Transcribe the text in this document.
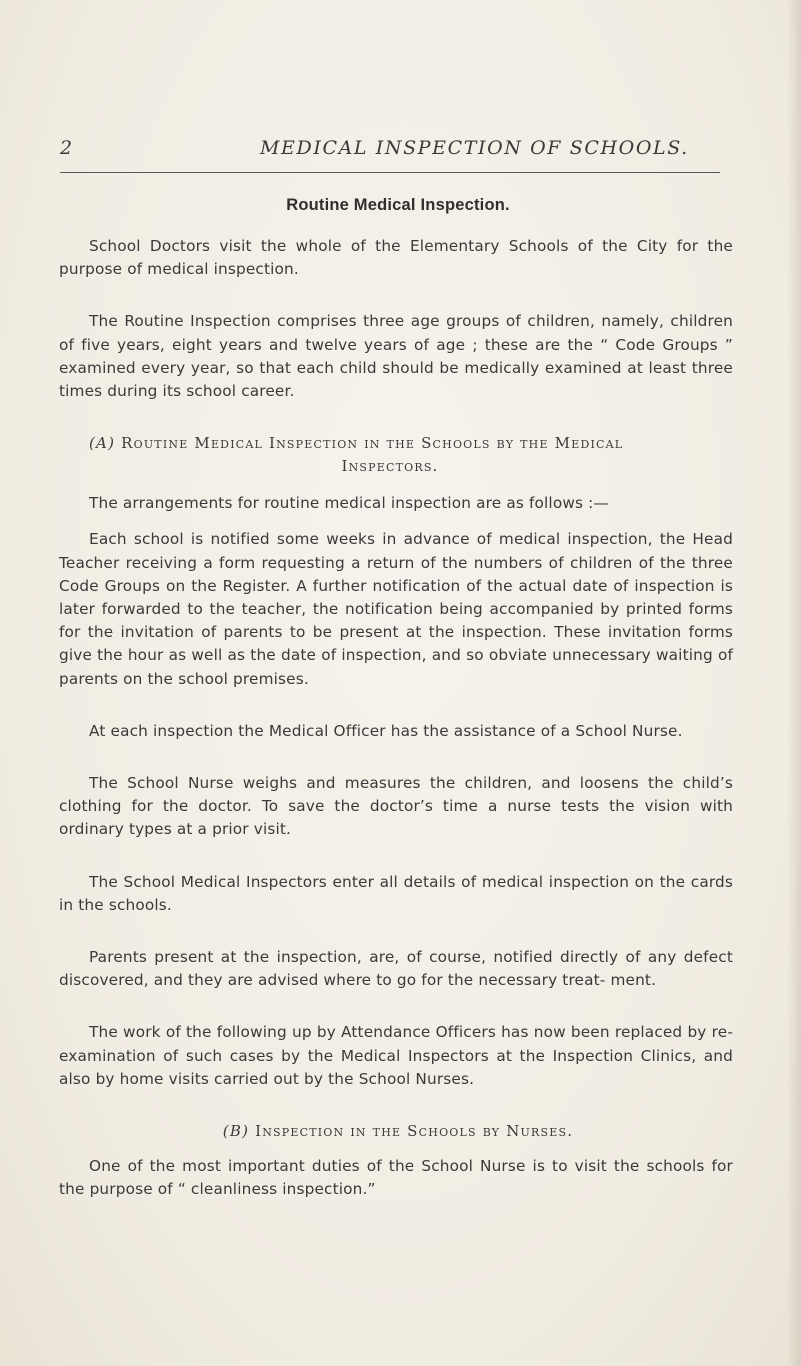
2	MEDICAL INSPECTION OF SCHOOLS.
Routine Medical Inspection.

School Doctors visit the whole of the Elementary Schools of the City for the purpose of medical inspection.

The Routine Inspection comprises three age groups of children, namely, children of five years, eight years and twelve years of age ; these are the “ Code Groups ” examined every year, so that each child should be medically examined at least three times during its school career.

(A) Routine Medical Inspection in the Schools by the Medical
Inspectors.

The arrangements for routine medical inspection are as follows :—

Each school is notified some weeks in advance of medical inspection, the Head Teacher receiving a form requesting a return of the numbers of children of the three Code Groups on the Register. A further notification of the actual date of inspection is later forwarded to the teacher, the notification being accompanied by printed forms for the invitation of parents to be present at the inspection. These invitation forms give the hour as well as the date of inspection, and so obviate unnecessary waiting of parents on the school premises.

At each inspection the Medical Officer has the assistance of a School Nurse.

The School Nurse weighs and measures the children, and loosens the child’s clothing for the doctor. To save the doctor’s time a nurse tests the vision with ordinary types at a prior visit.

The School Medical Inspectors enter all details of medical inspection on the cards in the schools.

Parents present at the inspection, are, of course, notified directly of any defect discovered, and they are advised where to go for the necessary treat- ment.

The work of the following up by Attendance Officers has now been replaced by re-examination of such cases by the Medical Inspectors at the Inspection Clinics, and also by home visits carried out by the School Nurses.

(B) Inspection in the Schools by Nurses.

One of the most important duties of the School Nurse is to visit the schools for the purpose of “ cleanliness inspection.”
